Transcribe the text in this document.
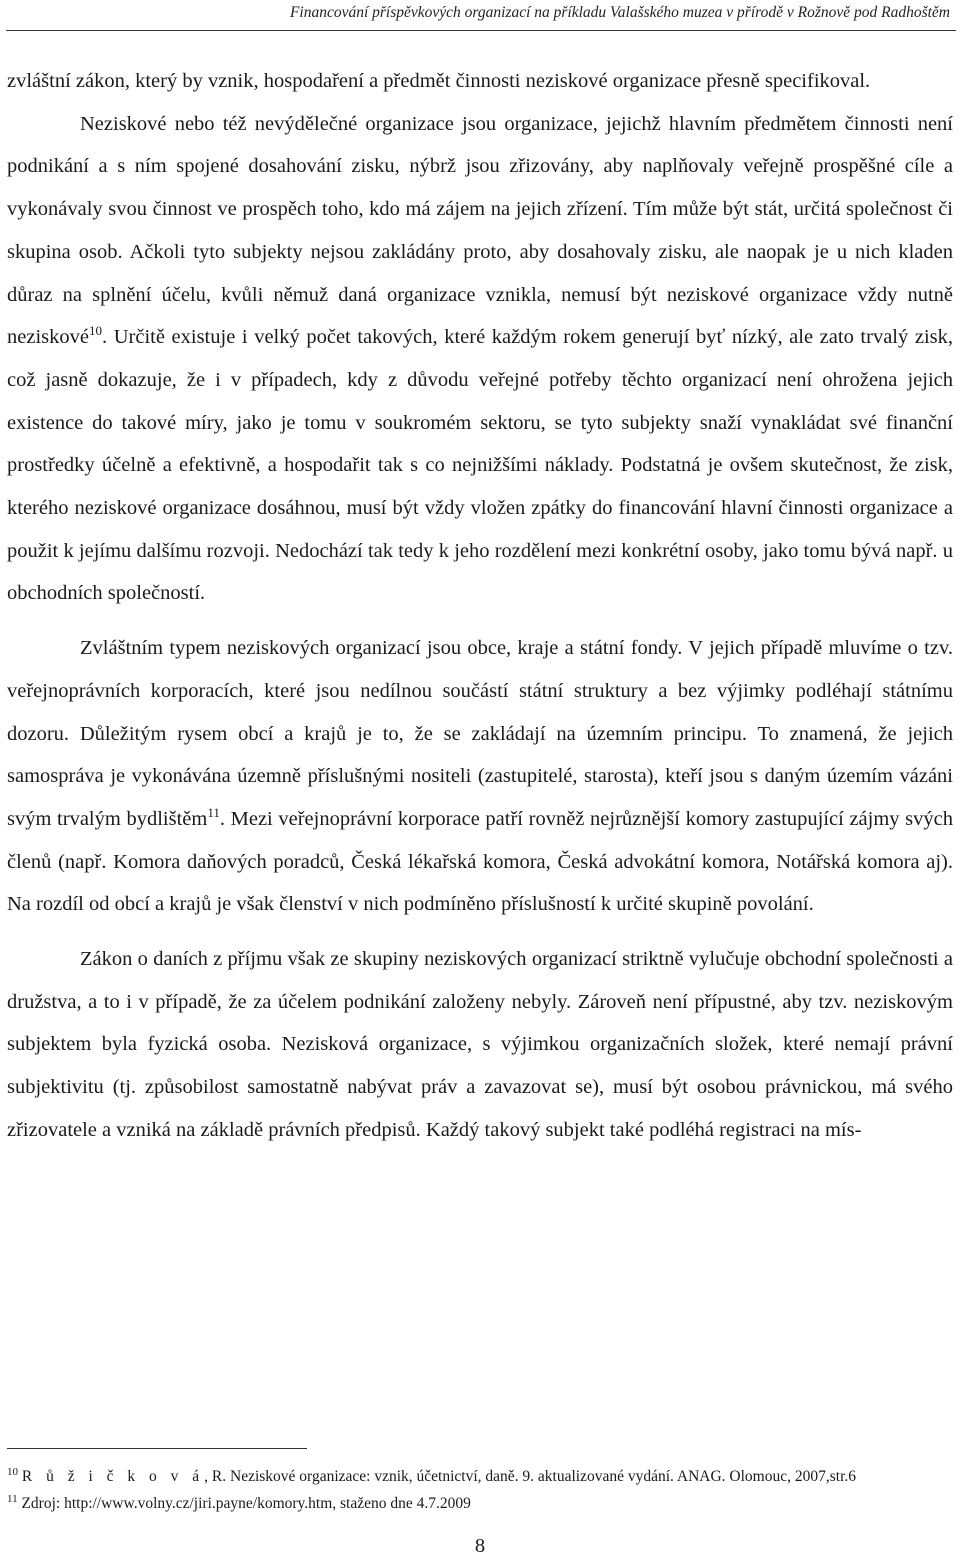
Financování příspěvkových organizací na příkladu Valašského muzea v přírodě v Rožnově pod Radhoštěm

zvláštní zákon, který by vznik, hospodaření a předmět činnosti neziskové organizace přesně specifikoval.

Neziskové nebo též nevýdělečné organizace jsou organizace, jejichž hlavním předmětem činnosti není podnikání a s ním spojené dosahování zisku, nýbrž jsou zřizovány, aby naplňovaly veřejně prospěšné cíle a vykonávaly svou činnost ve prospěch toho, kdo má zájem na jejich zřízení. Tím může být stát, určitá společnost či skupina osob. Ačkoli tyto subjekty nejsou zakládány proto, aby dosahovaly zisku, ale naopak je u nich kladen důraz na splnění účelu, kvůli němuž daná organizace vznikla, nemusí být neziskové organizace vždy nutně neziskové$^{10}$. Určitě existuje i velký počet takových, které každým rokem generují byť nízký, ale zato trvalý zisk, což jasně dokazuje, že i v případech, kdy z důvodu veřejné potřeby těchto organizací není ohrožena jejich existence do takové míry, jako je tomu v soukromém sektoru, se tyto subjekty snaží vynakládat své finanční prostředky účelně a efektivně, a hospodařit tak s co nejnižšími náklady. Podstatná je ovšem skutečnost, že zisk, kterého neziskové organizace dosáhnou, musí být vždy vložen zpátky do financování hlavní činnosti organizace a použit k jejímu dalšímu rozvoji. Nedochází tak tedy k jeho rozdělení mezi konkrétní osoby, jako tomu bývá např. u obchodních společností.

Zvláštním typem neziskových organizací jsou obce, kraje a státní fondy. V jejich případě mluvíme o tzv. veřejnoprávních korporacích, které jsou nedílnou součástí státní struktury a bez výjimky podléhají státnímu dozoru. Důležitým rysem obcí a krajů je to, že se zakládají na územním principu. To znamená, že jejich samospráva je vykonávána územně příslušnými nositeli (zastupitelé, starosta), kteří jsou s daným územím vázáni svým trvalým bydlištěm$^{11}$. Mezi veřejnoprávní korporace patří rovněž nejrůznější komory zastupující zájmy svých členů (např. Komora daňových poradců, Česká lékařská komora, Česká advokátní komora, Notářská komora aj). Na rozdíl od obcí a krajů je však členství v nich podmíněno příslušností k určité skupině povolání.

Zákon o daních z příjmu však ze skupiny neziskových organizací striktně vylučuje obchodní společnosti a družstva, a to i v případě, že za účelem podnikání založeny nebyly. Zároveň není přípustné, aby tzv. neziskovým subjektem byla fyzická osoba. Nezisková organizace, s výjimkou organizačních složek, které nemají právní subjektivitu (tj. způsobilost samostatně nabývat práv a zavazovat se), musí být osobou právnickou, má svého zřizovatele a vzniká na základě právních předpisů. Každý takový subjekt také podléhá registraci na mís-

$^{10}$ R ů ž i č k o v á, R. Neziskové organizace: vznik, účetnictví, daně. 9. aktualizované vydání. ANAG. Olomouc, 2007,str.6
$^{11}$ Zdroj: http://www.volny.cz/jiri.payne/komory.htm, staženo dne 4.7.2009
8
